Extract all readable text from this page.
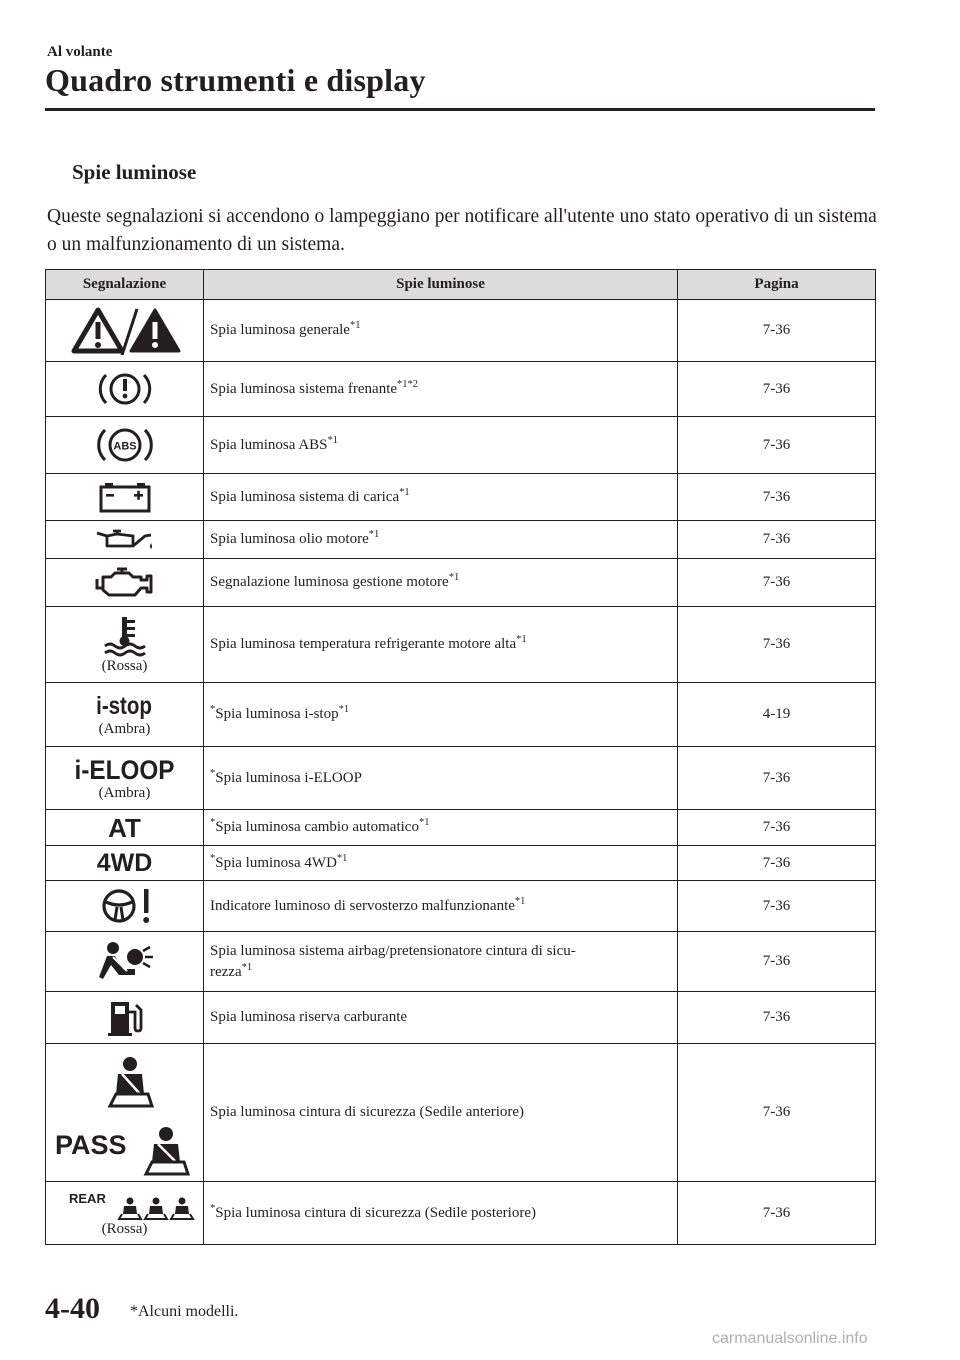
Al volante
Quadro strumenti e display
Spie luminose
Queste segnalazioni si accendono o lampeggiano per notificare all'utente uno stato operativo di un sistema o un malfunzionamento di un sistema.
Segnalazione	Spie luminose	Pagina

	Spia luminosa generale$^{*1}$	7-36

	Spia luminosa sistema frenante$^{*1*2}$	7-36

ABS	Spia luminosa ABS$^{*1}$	7-36

	Spia luminosa sistema di carica$^{*1}$	7-36

	Spia luminosa olio motore$^{*1}$	7-36

	Segnalazione luminosa gestione motore$^{*1}$	7-36

(Rossa)	Spia luminosa temperatura refrigerante motore alta$^{*1}$	7-36
i-stop
(Ambra)	*Spia luminosa i-stop$^{*1}$	4-19
i-ELOOP
(Ambra)	*Spia luminosa i-ELOOP	7-36
AT	*Spia luminosa cambio automatico$^{*1}$	7-36
4WD	*Spia luminosa 4WD$^{*1}$	7-36

	Indicatore luminoso di servosterzo malfunzionante$^{*1}$	7-36

	Spia luminosa sistema airbag/pretensionatore cintura di sicu-
rezza$^{*1}$	7-36

	Spia luminosa riserva carburante	7-36

PASS	Spia luminosa cintura di sicurezza (Sedile anteriore)	7-36

REAR
(Rossa)	*Spia luminosa cintura di sicurezza (Sedile posteriore)	7-36
4-40 *Alcuni modelli.
carmanualsonline.info
